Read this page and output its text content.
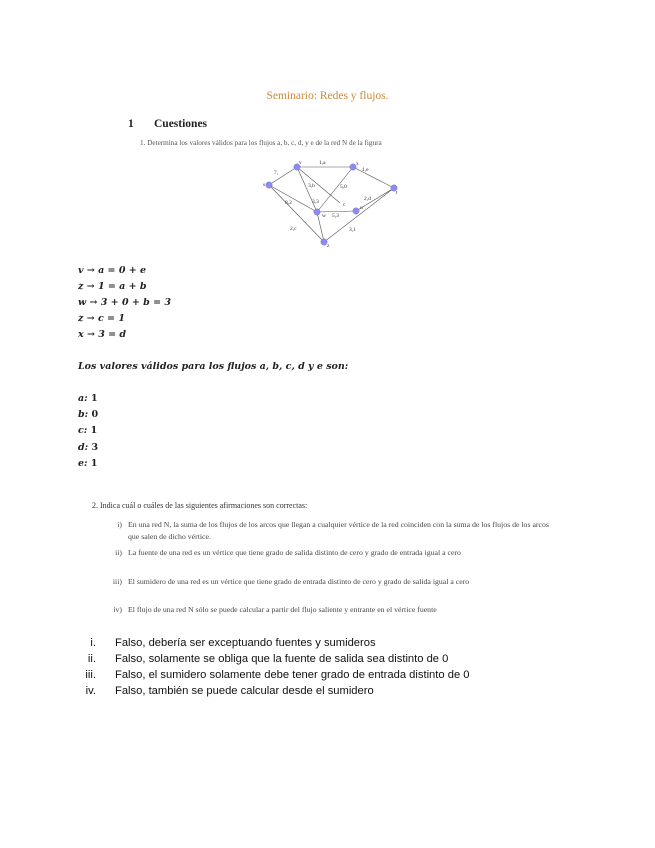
Seminario: Redes y flujos.
1 Cuestiones
1. Determina los valores válidos para los flujos a, b, c, d, y e de la red N de la figura
s
v	x
t
w
u
z
1,a
7,
3,b	5,0
8,2
2,c	3,1
2,d
1,e
5,3
c
3,3
v → a = 0 + e
z → 1 = a + b
w → 3 + 0 + b = 3
z → c = 1
x → 3 = d
Los valores válidos para los flujos a, b, c, d y e son:
a: 1
b: 0
c: 1
d: 3
e: 1
2. Indica cuál o cuáles de las siguientes afirmaciones son correctas:
i) En una red N, la suma de los flujos de los arcos que llegan a cualquier vértice de la red coinciden con la suma de los flujos de los arcos que salen de dicho vértice.
ii) La fuente de una red es un vértice que tiene grado de salida distinto de cero y grado de entrada igual a cero
iii) El sumidero de una red es un vértice que tiene grado de entrada distinto de cero y grado de salida igual a cero
iv) El flujo de una red N sólo se puede calcular a partir del flujo saliente y entrante en el vértice fuente
i. Falso, debería ser exceptuando fuentes y sumideros
ii. Falso, solamente se obliga que la fuente de salida sea distinto de 0
iii. Falso, el sumidero solamente debe tener grado de entrada distinto de 0
iv. Falso, también se puede calcular desde el sumidero
